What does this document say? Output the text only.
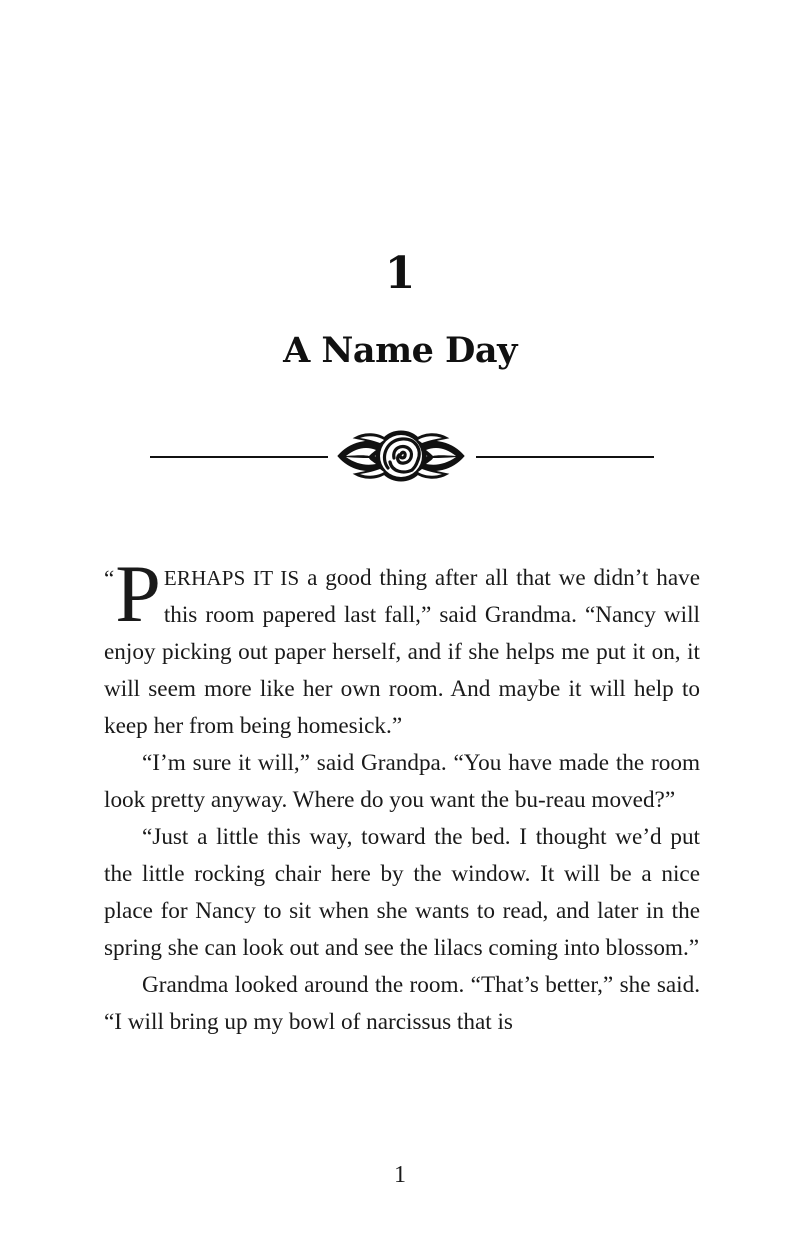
1
A Name Day

“ P ERHAPS IT IS a good thing after all that we didn’t have this room papered last fall,” said Grandma. “Nancy will enjoy picking out paper herself, and if she helps me put it on, it will seem more like her own room. And maybe it will help to keep her from being homesick.”

“I’m sure it will,” said Grandpa. “You have made the room look pretty anyway. Where do you want the bu-reau moved?”

“Just a little this way, toward the bed. I thought we’d put the little rocking chair here by the window. It will be a nice place for Nancy to sit when she wants to read, and later in the spring she can look out and see the lilacs coming into blossom.”

Grandma looked around the room. “That’s better,” she said. “I will bring up my bowl of narcissus that is

1
